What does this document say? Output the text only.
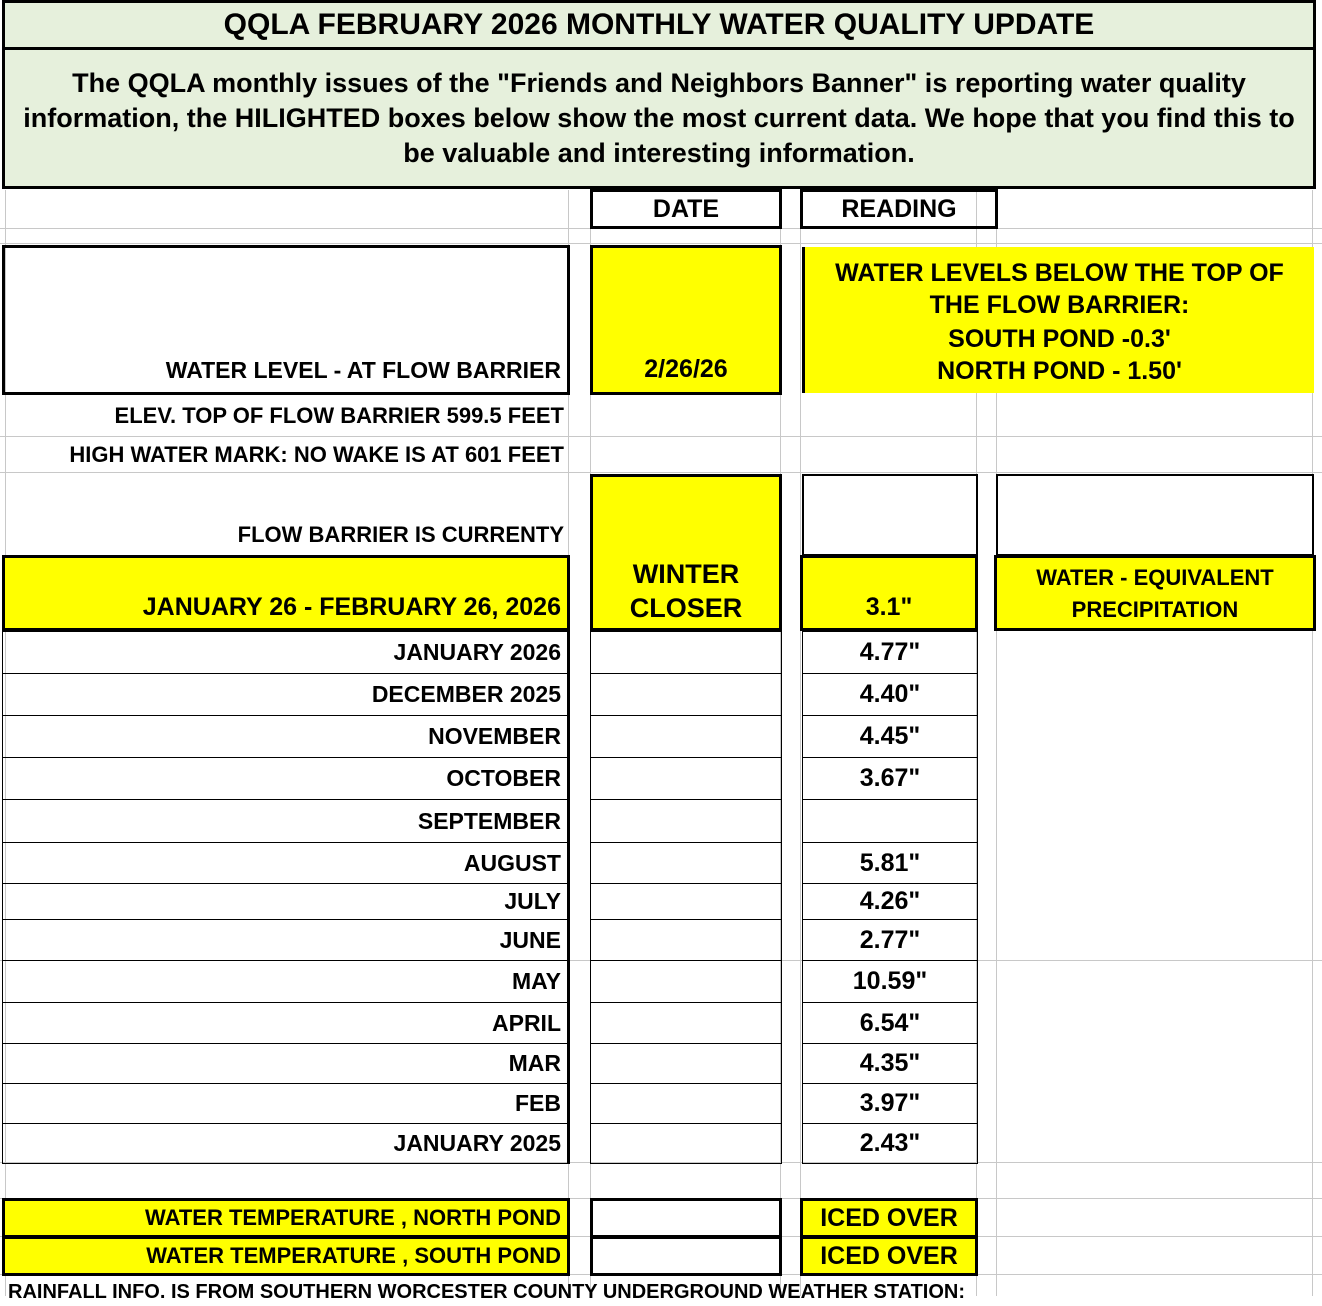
QQLA FEBRUARY 2026 MONTHLY WATER QUALITY UPDATE
The QQLA monthly issues of the "Friends and Neighbors Banner" is reporting water quality information, the HILIGHTED boxes below show the most current data. We hope that you find this to be valuable and interesting information.
DATE	READING
WATER LEVEL - AT FLOW BARRIER	2/26/26
WATER LEVELS BELOW THE TOP OF THE FLOW BARRIER:
SOUTH POND -0.3'
NORTH POND - 1.50'
ELEV. TOP OF FLOW BARRIER 599.5 FEET
HIGH WATER MARK: NO WAKE IS AT 601 FEET
FLOW BARRIER IS CURRENTY
WINTER
CLOSER
JANUARY 26 - FEBRUARY 26, 2026	3.1"
WATER - EQUIVALENT
PRECIPITATION
JANUARY 2026	4.77"
DECEMBER 2025	4.40"
NOVEMBER	4.45"
OCTOBER	3.67"
SEPTEMBER
AUGUST	5.81"
JULY	4.26"
JUNE	2.77"
MAY	10.59"
APRIL	6.54"
MAR	4.35"
FEB	3.97"
JANUARY 2025	2.43"
WATER TEMPERATURE , NORTH POND	ICED OVER
WATER TEMPERATURE , SOUTH POND	ICED OVER
RAINFALL INFO. IS FROM SOUTHERN WORCESTER COUNTY UNDERGROUND WEATHER STATION:
